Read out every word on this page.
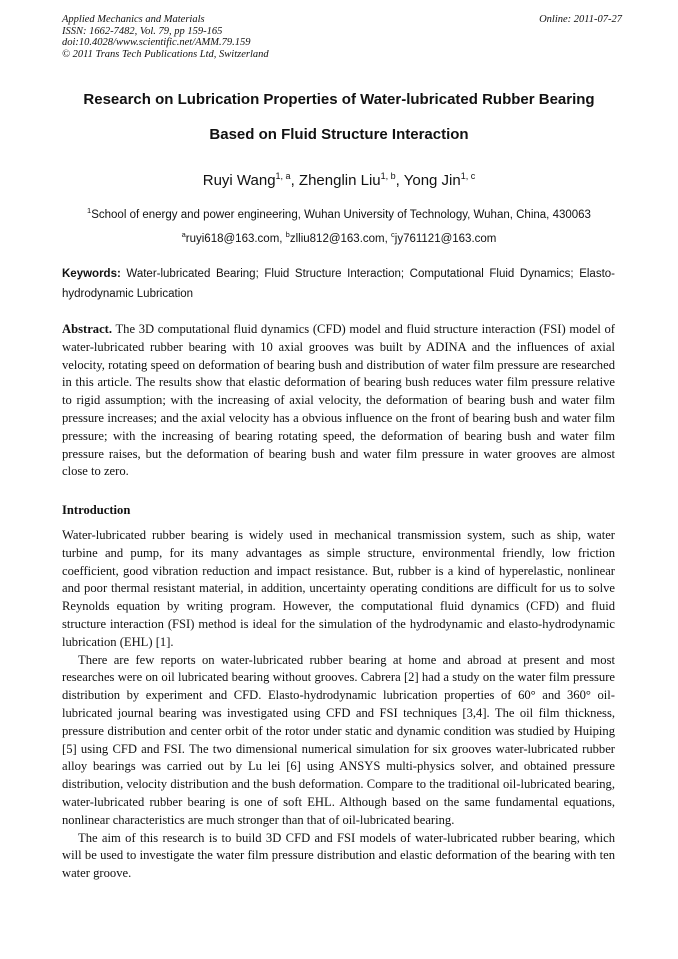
Applied Mechanics and Materials
ISSN: 1662-7482, Vol. 79, pp 159-165
doi:10.4028/www.scientific.net/AMM.79.159
© 2011 Trans Tech Publications Ltd, Switzerland
Online: 2011-07-27
Research on Lubrication Properties of Water-lubricated Rubber Bearing
Based on Fluid Structure Interaction
Ruyi Wang$^{1, a}$, Zhenglin Liu$^{1, b}$, Yong Jin$^{1, c}$
$^1$School of energy and power engineering, Wuhan University of Technology, Wuhan, China, 430063
$^a$ruyi618@163.com, $^b$zlliu812@163.com, $^c$jy761121@163.com
Keywords: Water-lubricated Bearing; Fluid Structure Interaction; Computational Fluid Dynamics; Elasto-hydrodynamic Lubrication
Abstract. The 3D computational fluid dynamics (CFD) model and fluid structure interaction (FSI) model of water-lubricated rubber bearing with 10 axial grooves was built by ADINA and the influences of axial velocity, rotating speed on deformation of bearing bush and distribution of water film pressure are researched in this article. The results show that elastic deformation of bearing bush reduces water film pressure relative to rigid assumption; with the increasing of axial velocity, the deformation of bearing bush and water film pressure increases; and the axial velocity has a obvious influence on the front of bearing bush and water film pressure; with the increasing of bearing rotating speed, the deformation of bearing bush and water film pressure raises, but the deformation of bearing bush and water film pressure in water grooves are almost close to zero.
Introduction

Water-lubricated rubber bearing is widely used in mechanical transmission system, such as ship, water turbine and pump, for its many advantages as simple structure, environmental friendly, low friction coefficient, good vibration reduction and impact resistance. But, rubber is a kind of hyperelastic, nonlinear and poor thermal resistant material, in addition, uncertainty operating conditions are difficult for us to solve Reynolds equation by writing program. However, the computational fluid dynamics (CFD) and fluid structure interaction (FSI) method is ideal for the simulation of the hydrodynamic and elasto-hydrodynamic lubrication (EHL) [1].

There are few reports on water-lubricated rubber bearing at home and abroad at present and most researches were on oil lubricated bearing without grooves. Cabrera [2] had a study on the water film pressure distribution by experiment and CFD. Elasto-hydrodynamic lubrication properties of 60° and 360° oil-lubricated journal bearing was investigated using CFD and FSI techniques [3,4]. The oil film thickness, pressure distribution and center orbit of the rotor under static and dynamic condition was studied by Huiping [5] using CFD and FSI. The two dimensional numerical simulation for six grooves water-lubricated rubber alloy bearings was carried out by Lu lei [6] using ANSYS multi-physics solver, and obtained pressure distribution, velocity distribution and the bush deformation. Compare to the traditional oil-lubricated bearing, water-lubricated rubber bearing is one of soft EHL. Although based on the same fundamental equations, nonlinear characteristics are much stronger than that of oil-lubricated bearing.

The aim of this research is to build 3D CFD and FSI models of water-lubricated rubber bearing, which will be used to investigate the water film pressure distribution and elastic deformation of the bearing with ten water groove.
